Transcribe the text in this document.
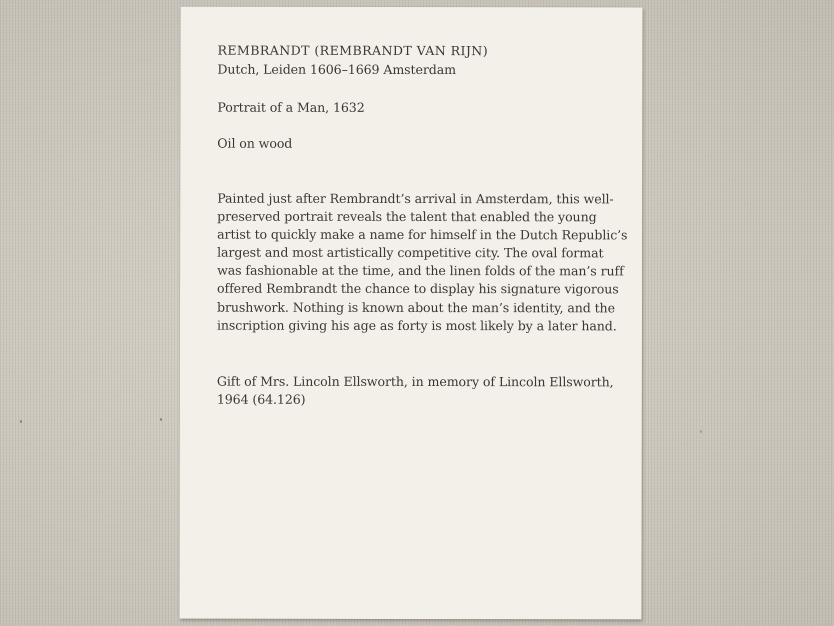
REMBRANDT (REMBRANDT VAN RIJN)
Dutch, Leiden 1606–1669 Amsterdam
Portrait of a Man, 1632
Oil on wood
Painted just after Rembrandt’s arrival in Amsterdam, this well-
preserved portrait reveals the talent that enabled the young
artist to quickly make a name for himself in the Dutch Republic’s
largest and most artistically competitive city. The oval format
was fashionable at the time, and the linen folds of the man’s ruff
offered Rembrandt the chance to display his signature vigorous
brushwork. Nothing is known about the man’s identity, and the
inscription giving his age as forty is most likely by a later hand.
Gift of Mrs. Lincoln Ellsworth, in memory of Lincoln Ellsworth,
1964 (64.126)
